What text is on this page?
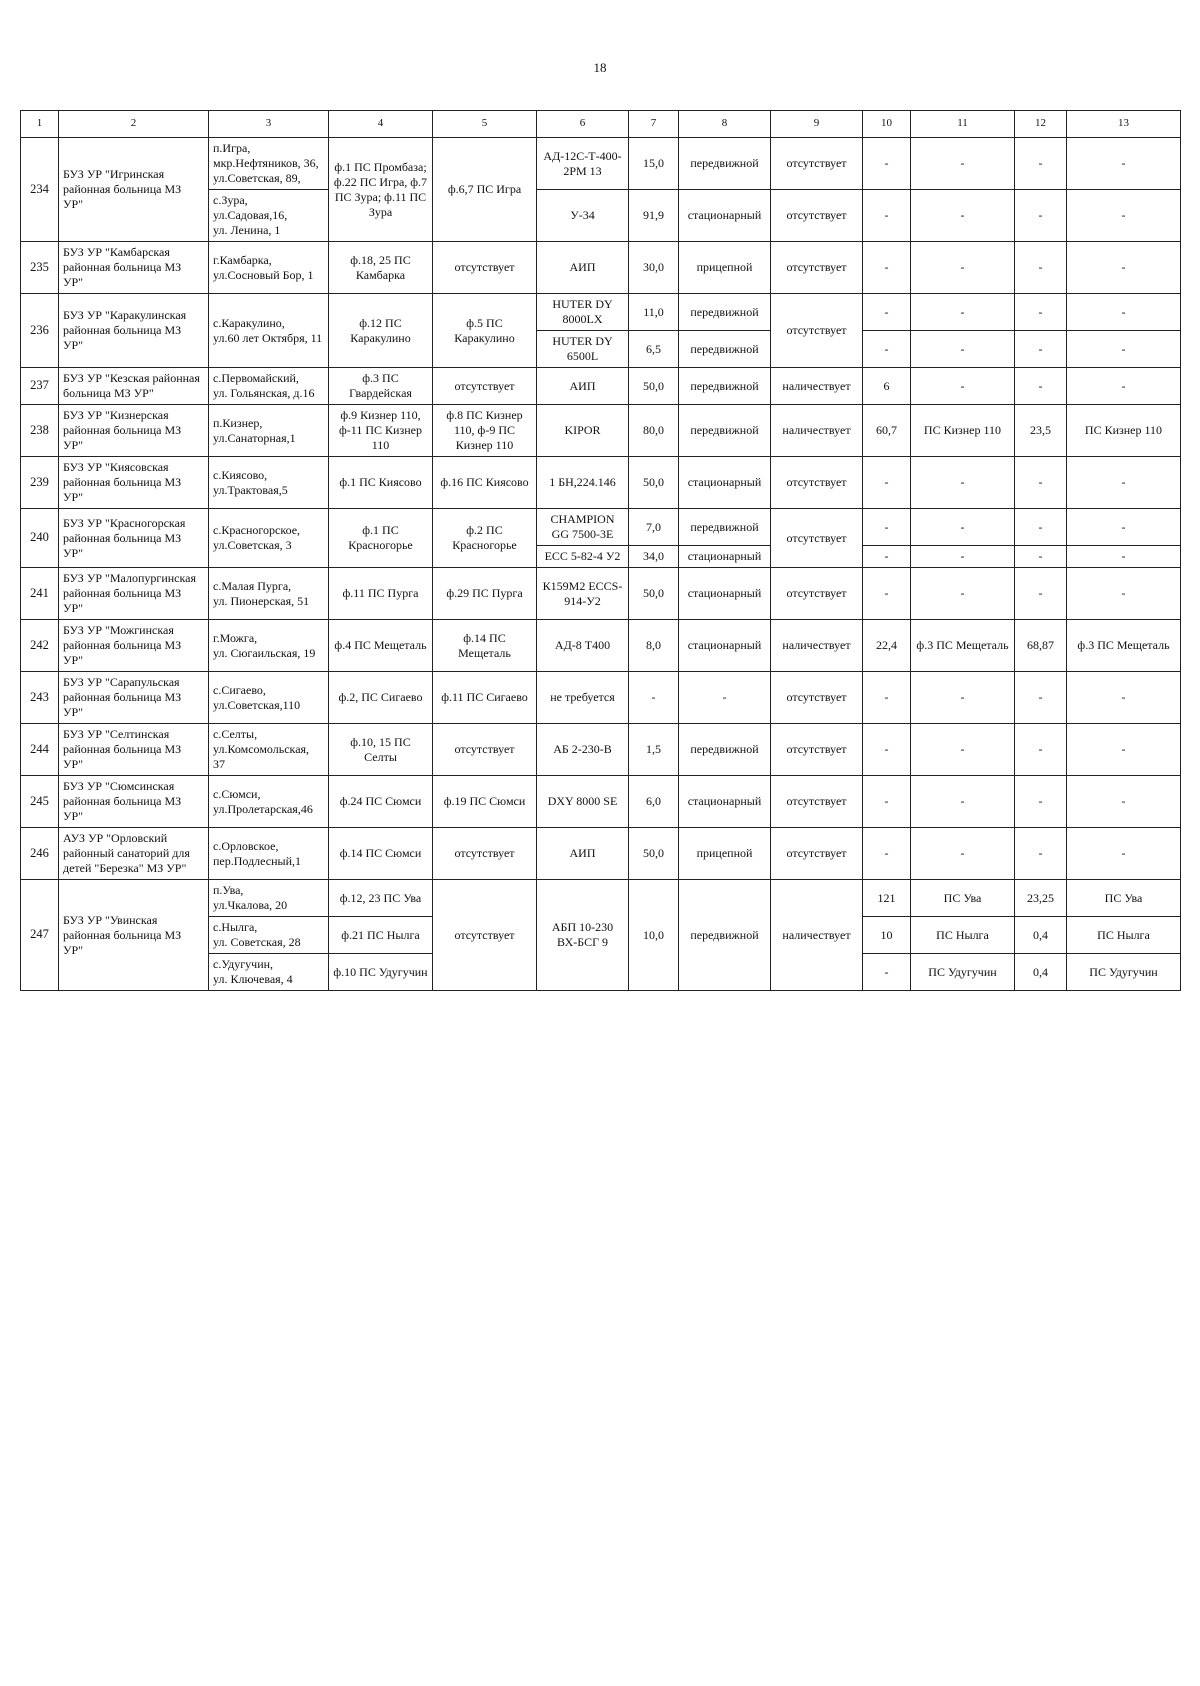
18
1	2	3	4	5	6	7	8	9	10	11	12	13
234	БУЗ УР "Игринская районная больница МЗ УР"	п.Игра,
мкр.Нефтяников, 36,
ул.Советская, 89,	ф.1 ПС Промбаза; ф.22 ПС Игра, ф.7 ПС Зура; ф.11 ПС Зура	ф.6,7 ПС Игра	АД-12С-Т-400-2РМ 13	15,0	передвижной	отсутствует	-	-	-	-

		с.Зура,
ул.Садовая,16,
ул. Ленина, 1			У-34	91,9	стационарный	отсутствует	-	-	-	-
235	БУЗ УР "Камбарская районная больница МЗ УР"	г.Камбарка,
ул.Сосновый Бор, 1	ф.18, 25 ПС Камбарка	отсутствует	АИП	30,0	прицепной	отсутствует	-	-	-	-
236	БУЗ УР "Каракулинская районная больница МЗ УР"	с.Каракулино,
ул.60 лет Октября, 11	ф.12 ПС Каракулино	ф.5 ПС Каракулино	HUTER DY 8000LX	11,0	передвижной	отсутствует	-	-	-	-
					HUTER DY 6500L	6,5	передвижной		-	-	-	-
237	БУЗ УР "Кезская районная больница МЗ УР"	с.Первомайский,
ул. Гольянская, д.16	ф.3 ПС Гвардейская	отсутствует	АИП	50,0	передвижной	наличествует	6	-	-	-
238	БУЗ УР "Кизнерская районная больница МЗ УР"	п.Кизнер,
ул.Санаторная,1	ф.9 Кизнер 110, ф-11 ПС Кизнер 110	ф.8 ПС Кизнер 110, ф-9 ПС Кизнер 110	KIPOR	80,0	передвижной	наличествует	60,7	ПС Кизнер 110	23,5	ПС Кизнер 110
239	БУЗ УР "Киясовская районная больница МЗ УР"	с.Киясово,
ул.Трактовая,5	ф.1 ПС Киясово	ф.16 ПС Киясово	1 БН,224.146	50,0	стационарный	отсутствует	-	-	-	-
240	БУЗ УР "Красногорская районная больница МЗ УР"	с.Красногорское,
ул.Советская, 3	ф.1 ПС Красногорье	ф.2 ПС Красногорье	CHAMPION GG 7500-3E	7,0	передвижной	отсутствует	-	-	-	-
					ECC 5-82-4 У2	34,0	стационарный		-	-	-	-
241	БУЗ УР "Малопургинская районная больница МЗ УР"	с.Малая Пурга,
ул. Пионерская, 51	ф.11 ПС Пурга	ф.29 ПС Пурга	К159М2 ECCS-914-У2	50,0	стационарный	отсутствует	-	-	-	-
242	БУЗ УР "Можгинская районная больница МЗ УР"	г.Можга,
ул. Сюгаильская, 19	ф.4 ПС Мещеталь	ф.14 ПС Мещеталь	АД-8 Т400	8,0	стационарный	наличествует	22,4	ф.3 ПС Мещеталь	68,87	ф.3 ПС Мещеталь
243	БУЗ УР "Сарапульская районная больница МЗ УР"	с.Сигаево,
ул.Советская,110	ф.2, ПС Сигаево	ф.11 ПС Сигаево	не требуется	-	-	отсутствует	-	-	-	-
244	БУЗ УР "Селтинская районная больница МЗ УР"	с.Селты,
ул.Комсомольская, 37	ф.10, 15 ПС Селты	отсутствует	АБ 2-230-В	1,5	передвижной	отсутствует	-	-	-	-
245	БУЗ УР "Сюмсинская районная больница МЗ УР"	с.Сюмси,
ул.Пролетарская,46	ф.24 ПС Сюмси	ф.19 ПС Сюмси	DXY 8000 SE	6,0	стационарный	отсутствует	-	-	-	-
246	АУЗ УР "Орловский районный санаторий для детей "Березка" МЗ УР"	с.Орловское,
пер.Подлесный,1	ф.14 ПС Сюмси	отсутствует	АИП	50,0	прицепной	отсутствует	-	-	-	-
247	БУЗ УР "Увинская районная больница МЗ УР"	п.Ува,
ул.Чкалова, 20	ф.12, 23 ПС Ува	отсутствует	АБП 10-230 ВХ-БСГ 9	10,0	передвижной	наличествует	121	ПС Ува	23,25	ПС Ува

		с.Нылга,
ул. Советская, 28	ф.21 ПС Нылга						10	ПС Нылга	0,4	ПС Нылга

		с.Удугучин,
ул. Ключевая, 4	ф.10 ПС Удугучин						-	ПС Удугучин	0,4	ПС Удугучин
